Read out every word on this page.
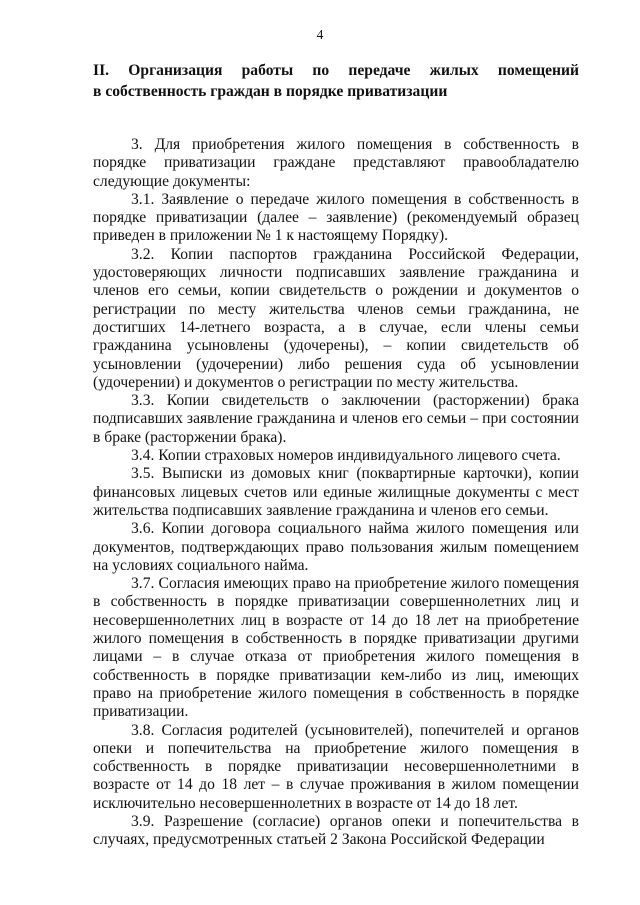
4
II. Организация работы по передаче жилых помещений
в собственность граждан в порядке приватизации

3. Для приобретения жилого помещения в собственность в порядке приватизации граждане представляют правообладателю следующие документы:

3.1. Заявление о передаче жилого помещения в собственность в порядке приватизации (далее – заявление) (рекомендуемый образец приведен в приложении № 1 к настоящему Порядку).

3.2. Копии паспортов гражданина Российской Федерации, удостоверяющих личности подписавших заявление гражданина и членов его семьи, копии свидетельств о рождении и документов о регистрации по месту жительства членов семьи гражданина, не достигших 14-летнего возраста, а в случае, если члены семьи гражданина усыновлены (удочерены), – копии свидетельств об усыновлении (удочерении) либо решения суда об усыновлении (удочерении) и документов о регистрации по месту жительства.

3.3. Копии свидетельств о заключении (расторжении) брака подписавших заявление гражданина и членов его семьи – при состоянии в браке (расторжении брака).

3.4. Копии страховых номеров индивидуального лицевого счета.

3.5. Выписки из домовых книг (поквартирные карточки), копии финансовых лицевых счетов или единые жилищные документы с мест жительства подписавших заявление гражданина и членов его семьи.

3.6. Копии договора социального найма жилого помещения или документов, подтверждающих право пользования жилым помещением на условиях социального найма.

3.7. Согласия имеющих право на приобретение жилого помещения в собственность в порядке приватизации совершеннолетних лиц и несовершеннолетних лиц в возрасте от 14 до 18 лет на приобретение жилого помещения в собственность в порядке приватизации другими лицами – в случае отказа от приобретения жилого помещения в собственность в порядке приватизации кем-либо из лиц, имеющих право на приобретение жилого помещения в собственность в порядке приватизации.

3.8. Согласия родителей (усыновителей), попечителей и органов опеки и попечительства на приобретение жилого помещения в собственность в порядке приватизации несовершеннолетними в возрасте от 14 до 18 лет – в случае проживания в жилом помещении исключительно несовершеннолетних в возрасте от 14 до 18 лет.

3.9. Разрешение (согласие) органов опеки и попечительства в случаях, предусмотренных статьей 2 Закона Российской Федерации
